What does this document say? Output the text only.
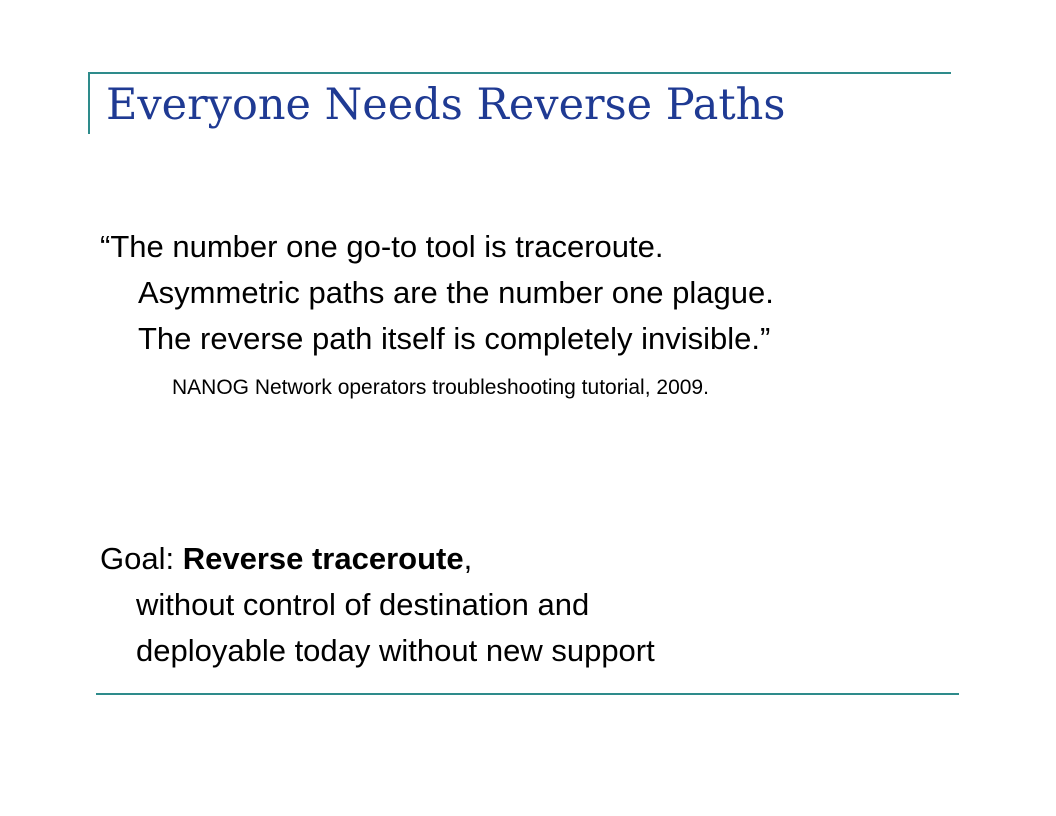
Everyone Needs Reverse Paths
“The number one go-to tool is traceroute.
Asymmetric paths are the number one plague.
The reverse path itself is completely invisible.”
NANOG Network operators troubleshooting tutorial, 2009.
Goal: Reverse traceroute,
without control of destination and
deployable today without new support
